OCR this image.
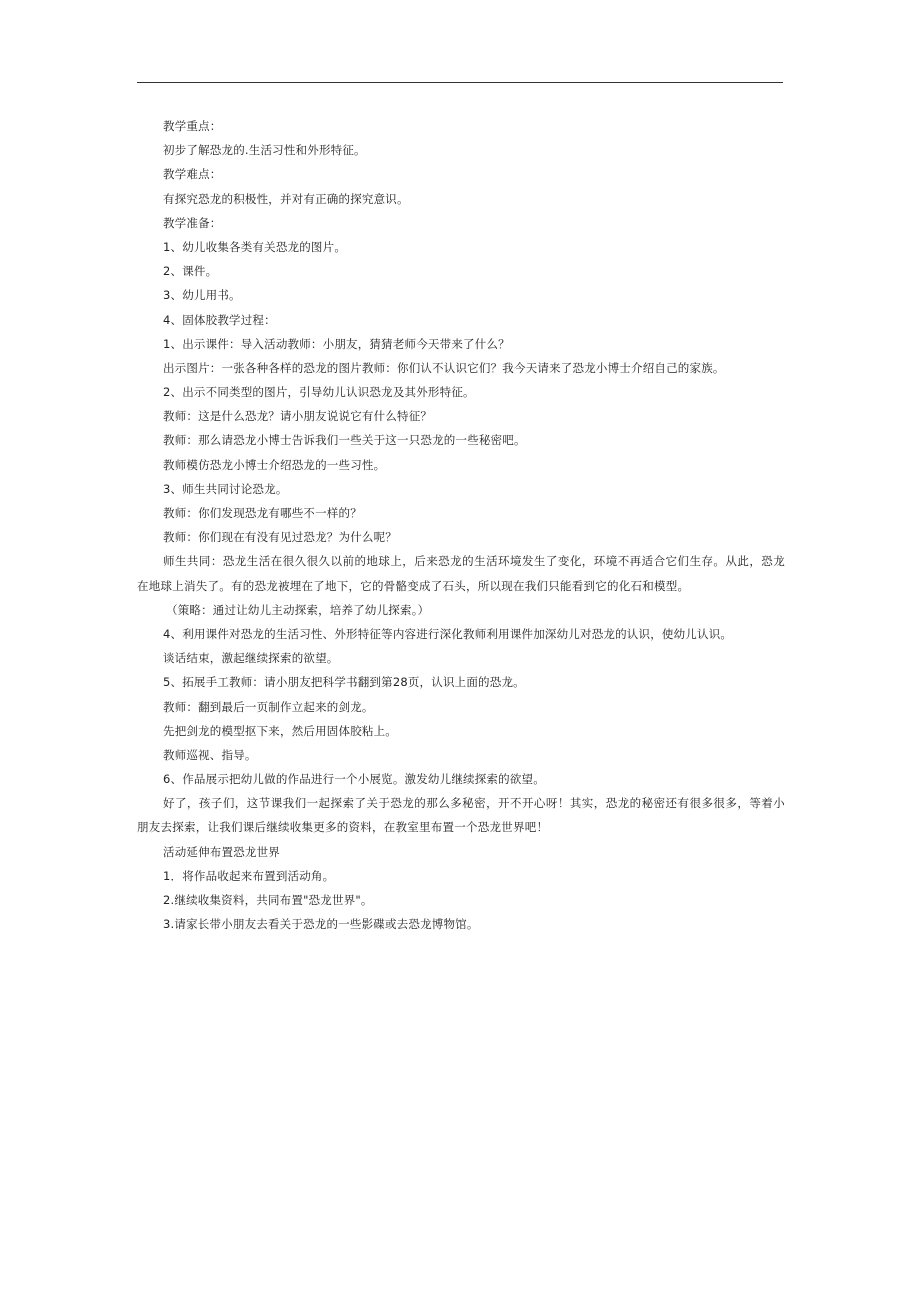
教学重点：
初步了解恐龙的.生活习性和外形特征。
教学难点：
有探究恐龙的积极性，并对有正确的探究意识。
教学准备：
1、幼儿收集各类有关恐龙的图片。
2、课件。
3、幼儿用书。
4、固体胶教学过程：
1、出示课件：导入活动教师：小朋友，猜猜老师今天带来了什么？
出示图片：一张各种各样的恐龙的图片教师：你们认不认识它们？我今天请来了恐龙小博士介绍自己的家族。
2、出示不同类型的图片，引导幼儿认识恐龙及其外形特征。
教师：这是什么恐龙？请小朋友说说它有什么特征？
教师：那么请恐龙小博士告诉我们一些关于这一只恐龙的一些秘密吧。
教师模仿恐龙小博士介绍恐龙的一些习性。
3、师生共同讨论恐龙。
教师：你们发现恐龙有哪些不一样的？
教师：你们现在有没有见过恐龙？为什么呢？
师生共同：恐龙生活在很久很久以前的地球上，后来恐龙的生活环境发生了变化，环境不再适合它们生存。从此，恐龙在地球上消失了。有的恐龙被埋在了地下，它的骨骼变成了石头，所以现在我们只能看到它的化石和模型。
（策略：通过让幼儿主动探索，培养了幼儿探索。）
4、利用课件对恐龙的生活习性、外形特征等内容进行深化教师利用课件加深幼儿对恐龙的认识，使幼儿认识。
谈话结束，激起继续探索的欲望。
5、拓展手工教师：请小朋友把科学书翻到第28页，认识上面的恐龙。
教师：翻到最后一页制作立起来的剑龙。
先把剑龙的模型抠下来，然后用固体胶粘上。
教师巡视、指导。
6、作品展示把幼儿做的作品进行一个小展览。激发幼儿继续探索的欲望。
好了，孩子们，这节课我们一起探索了关于恐龙的那么多秘密，开不开心呀！其实，恐龙的秘密还有很多很多，等着小朋友去探索，让我们课后继续收集更多的资料，在教室里布置一个恐龙世界吧！
活动延伸布置恐龙世界
1．将作品收起来布置到活动角。
2.继续收集资料，共同布置"恐龙世界"。
3.请家长带小朋友去看关于恐龙的一些影碟或去恐龙博物馆。
